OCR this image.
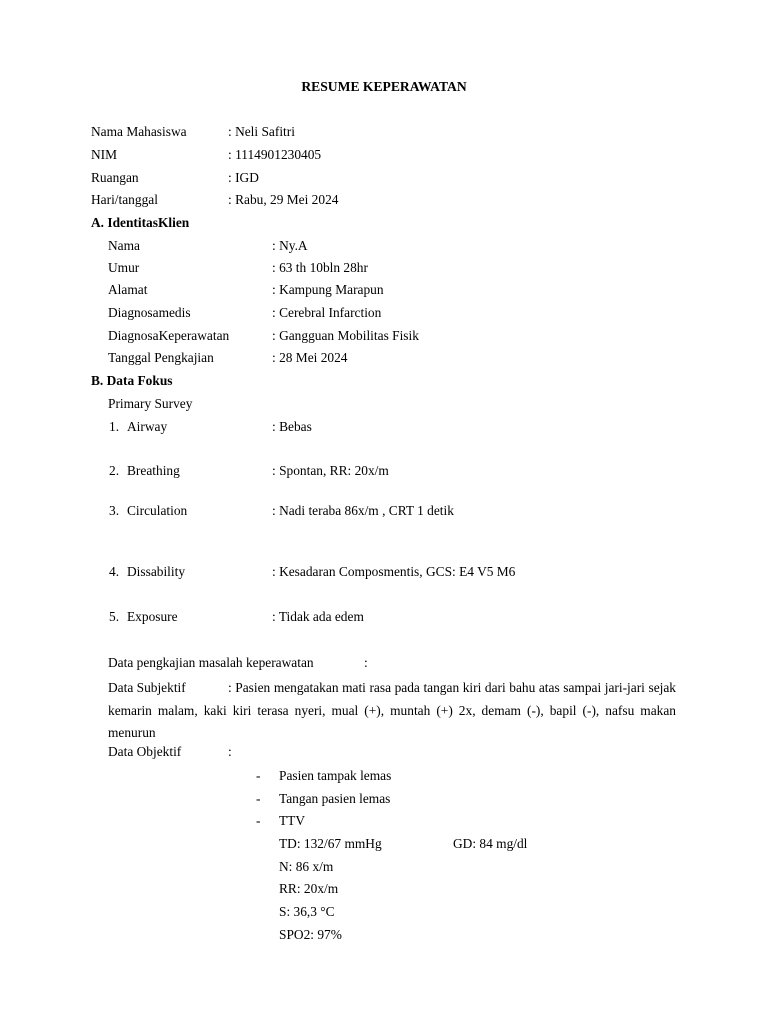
RESUME KEPERAWATAN
Nama Mahasiswa	: Neli Safitri
NIM	: 1114901230405
Ruangan	: IGD
Hari/tanggal	: Rabu, 29 Mei 2024
A. IdentitasKlien
Nama	: Ny.A
Umur	: 63 th 10bln 28hr
Alamat	: Kampung Marapun
Diagnosamedis	: Cerebral Infarction
DiagnosaKeperawatan	: Gangguan Mobilitas Fisik
Tanggal Pengkajian	: 28 Mei 2024
B. Data Fokus
Primary Survey
1. Airway	: Bebas
2. Breathing	: Spontan, RR: 20x/m
3. Circulation	: Nadi teraba 86x/m , CRT 1 detik
4. Dissability	: Kesadaran Composmentis, GCS: E4 V5 M6
5. Exposure	: Tidak ada edem
Data pengkajian masalah keperawatan	:
Data Subjektif	: Pasien mengatakan mati rasa pada tangan kiri dari bahu atas sampai jari-jari sejak kemarin malam, kaki kiri terasa nyeri, mual (+), muntah (+) 2x, demam (-), bapil (-), nafsu makan menurun
Data Objektif	:
- Pasien tampak lemas
- Tangan pasien lemas
- TTV
TD: 132/67 mmHg	GD: 84 mg/dl
N: 86 x/m
RR: 20x/m
S: 36,3 °C
SPO2: 97%
